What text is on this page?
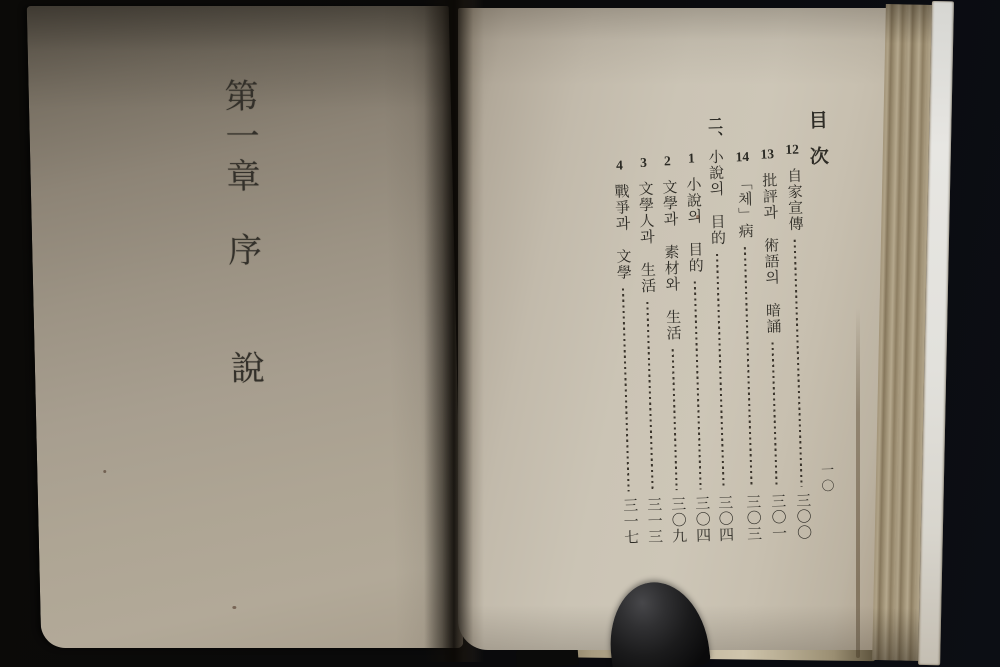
第一章
序
說
目次
一〇
12
自家宣傳
三〇〇
13
批評과 術語의 暗誦
三〇一
14
﹁체﹂病
三〇三
二、
小說의 目的
三〇四
1
小說의 目的
三〇四
2
文學과 素材와 生活
三〇九
3
文學人과 生活
三一三
4
戰爭과 文學
三一七
